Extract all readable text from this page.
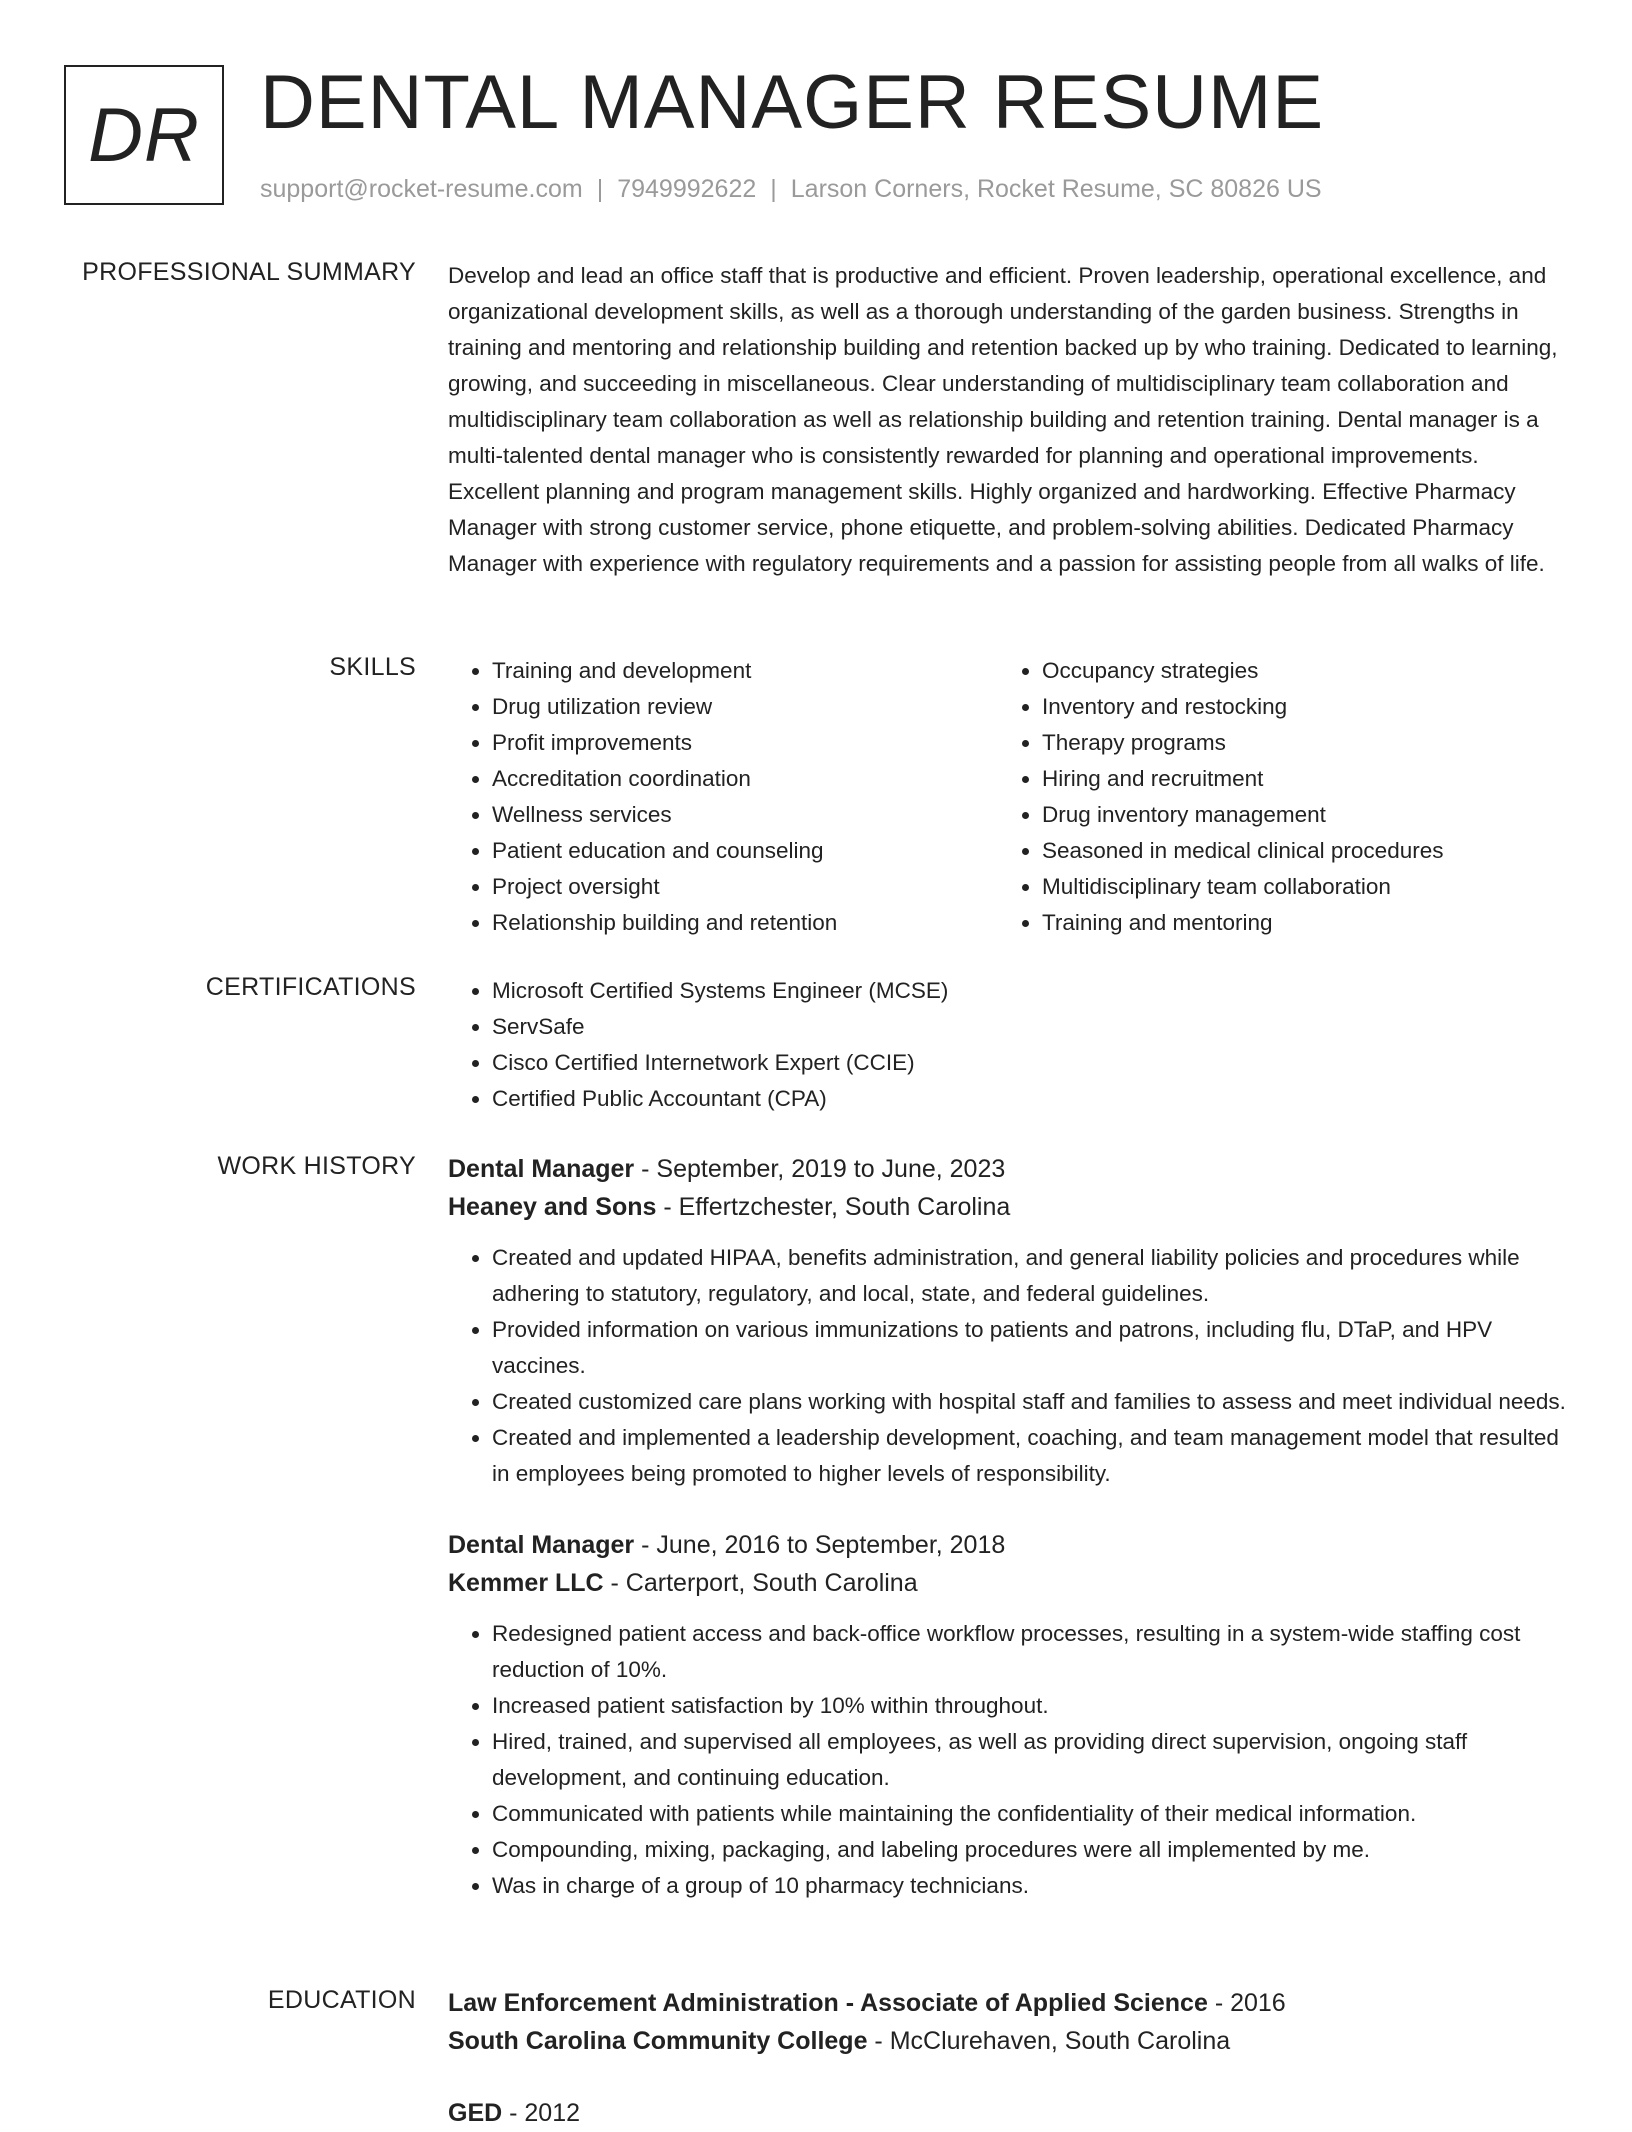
DR DENTAL MANAGER RESUME
support@rocket-resume.com | 7949992622 | Larson Corners, Rocket Resume, SC 80826 US
PROFESSIONAL SUMMARY Develop and lead an office staff that is productive and efficient. Proven leadership, operational excellence, and organizational development skills, as well as a thorough understanding of the garden business. Strengths in training and mentoring and relationship building and retention backed up by who training. Dedicated to learning, growing, and succeeding in miscellaneous. Clear understanding of multidisciplinary team collaboration and multidisciplinary team collaboration as well as relationship building and retention training. Dental manager is a multi-talented dental manager who is consistently rewarded for planning and operational improvements. Excellent planning and program management skills. Highly organized and hardworking. Effective Pharmacy Manager with strong customer service, phone etiquette, and problem-solving abilities. Dedicated Pharmacy Manager with experience with regulatory requirements and a passion for assisting people from all walks of life.

SKILLS	• Training and development
• Drug utilization review
• Profit improvements
• Accreditation coordination
• Wellness services
• Patient education and counseling
• Project oversight
• Relationship building and retention
• Occupancy strategies
• Inventory and restocking
• Therapy programs
• Hiring and recruitment
• Drug inventory management
• Seasoned in medical clinical procedures
• Multidisciplinary team collaboration
• Training and mentoring
CERTIFICATIONS	• Microsoft Certified Systems Engineer (MCSE)
• ServSafe
• Cisco Certified Internetwork Expert (CCIE)
• Certified Public Accountant (CPA)
WORK HISTORY Dental Manager - September, 2019 to June, 2023
Heaney and Sons - Effertzchester, South Carolina
• Created and updated HIPAA, benefits administration, and general liability policies and procedures while adhering to statutory, regulatory, and local, state, and federal guidelines.
• Provided information on various immunizations to patients and patrons, including flu, DTaP, and HPV vaccines.
• Created customized care plans working with hospital staff and families to assess and meet individual needs.
• Created and implemented a leadership development, coaching, and team management model that resulted in employees being promoted to higher levels of responsibility.
Dental Manager - June, 2016 to September, 2018
Kemmer LLC - Carterport, South Carolina
• Redesigned patient access and back-office workflow processes, resulting in a system-wide staffing cost reduction of 10%.
• Increased patient satisfaction by 10% within throughout.
• Hired, trained, and supervised all employees, as well as providing direct supervision, ongoing staff development, and continuing education.
• Communicated with patients while maintaining the confidentiality of their medical information.
• Compounding, mixing, packaging, and labeling procedures were all implemented by me.
• Was in charge of a group of 10 pharmacy technicians.
EDUCATION Law Enforcement Administration - Associate of Applied Science - 2016
South Carolina Community College - McClurehaven, South Carolina
GED - 2012
